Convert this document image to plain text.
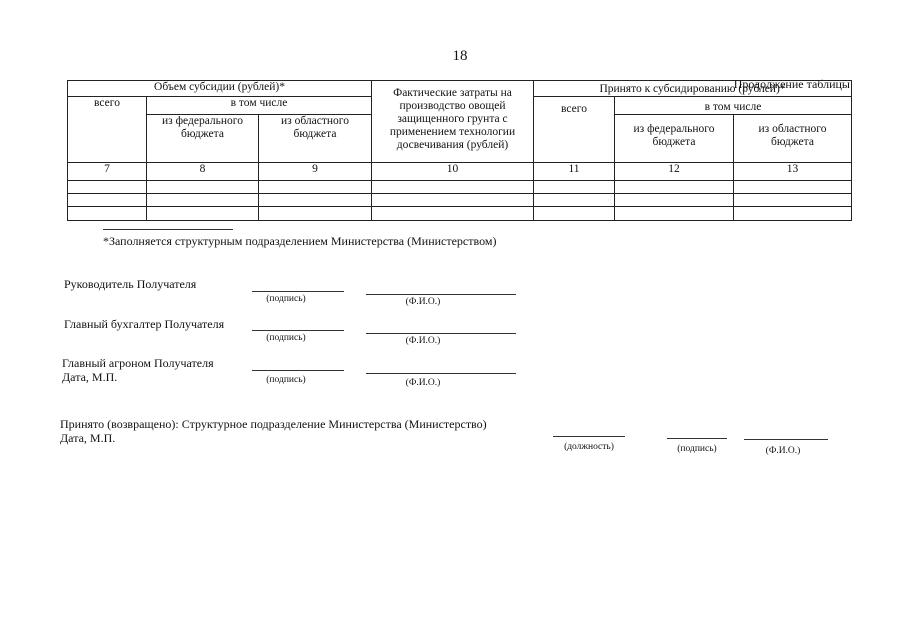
18
Продолжение таблицы
Объем субсидии (рублей)*			Фактические затраты на производство овощей защищенного грунта с применением технологии досвечивания (рублей)	Принято к субсидированию (рублей)*		
всего	в том числе			всего	в том числе	
	из федерального бюджета	из областного бюджета			из федерального бюджета	из областного бюджета
7	8	9	10	11	12	13

*Заполняется структурным подразделением Министерства (Министерством)
Руководитель Получателя
(подпись)	(Ф.И.О.)
Главный бухгалтер Получателя
(подпись)	(Ф.И.О.)
Главный агроном Получателя
Дата, М.П.	(подпись)	(Ф.И.О.)
Принято (возвращено): Структурное подразделение Министерства (Министерство)
Дата, М.П.
(должность)	(подпись)	(Ф.И.О.)
